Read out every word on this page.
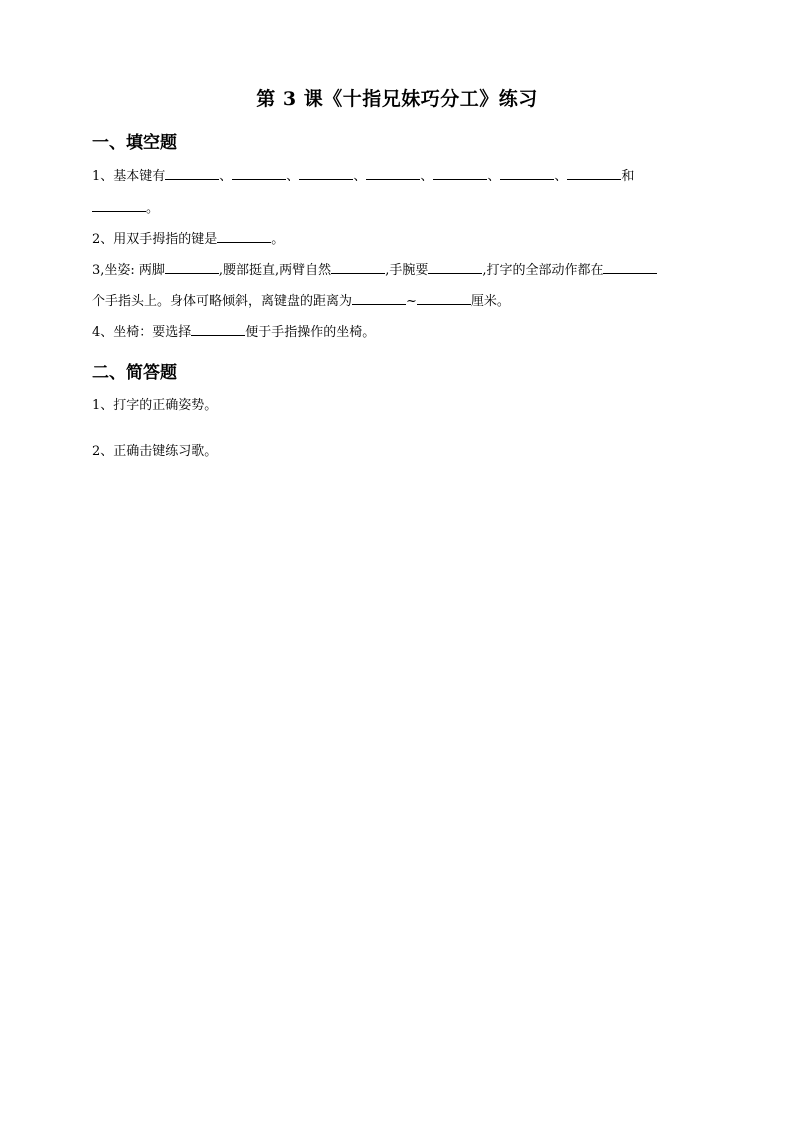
第 3 课《十指兄妹巧分工》练习
一、填空题
1、基本键有	、	、	、	、	、	、	和
。
2、用双手拇指的键是	。
3,坐姿: 两脚	,腰部挺直,两臂自然	,手腕要	,打字的全部动作都在
个手指头上。身体可略倾斜，离键盘的距离为	~	厘米。
4、坐椅：要选择	便于手指操作的坐椅。
二、简答题
1、打字的正确姿势。
2、正确击键练习歌。
